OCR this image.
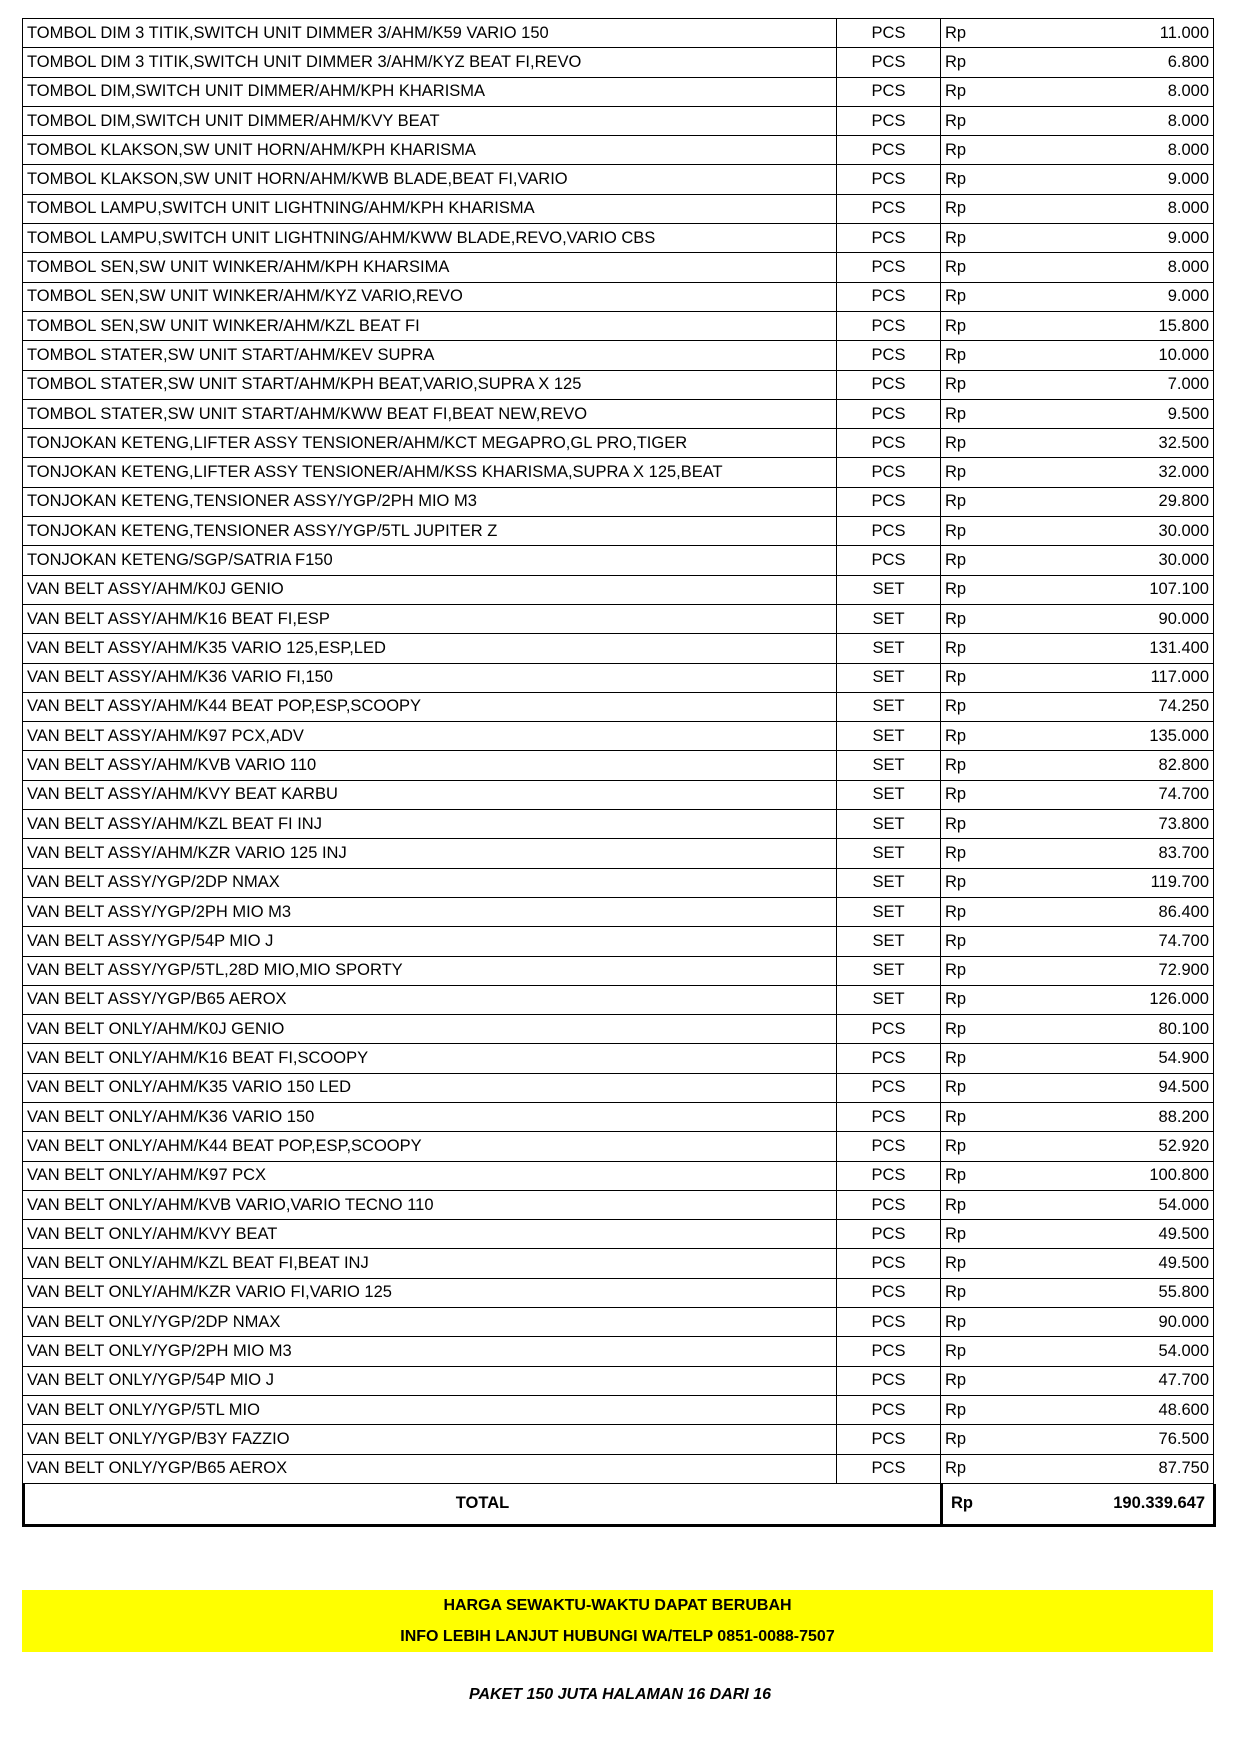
TOMBOL DIM 3 TITIK,SWITCH UNIT DIMMER 3/AHM/K59 VARIO 150	PCS	Rp	11.000
TOMBOL DIM 3 TITIK,SWITCH UNIT DIMMER 3/AHM/KYZ BEAT FI,REVO	PCS	Rp	6.800
TOMBOL DIM,SWITCH UNIT DIMMER/AHM/KPH KHARISMA	PCS	Rp	8.000
TOMBOL DIM,SWITCH UNIT DIMMER/AHM/KVY BEAT	PCS	Rp	8.000
TOMBOL KLAKSON,SW UNIT HORN/AHM/KPH KHARISMA	PCS	Rp	8.000
TOMBOL KLAKSON,SW UNIT HORN/AHM/KWB BLADE,BEAT FI,VARIO	PCS	Rp	9.000
TOMBOL LAMPU,SWITCH UNIT LIGHTNING/AHM/KPH KHARISMA	PCS	Rp	8.000
TOMBOL LAMPU,SWITCH UNIT LIGHTNING/AHM/KWW BLADE,REVO,VARIO CBS	PCS	Rp	9.000
TOMBOL SEN,SW UNIT WINKER/AHM/KPH KHARSIMA	PCS	Rp	8.000
TOMBOL SEN,SW UNIT WINKER/AHM/KYZ VARIO,REVO	PCS	Rp	9.000
TOMBOL SEN,SW UNIT WINKER/AHM/KZL BEAT FI	PCS	Rp	15.800
TOMBOL STATER,SW UNIT START/AHM/KEV SUPRA	PCS	Rp	10.000
TOMBOL STATER,SW UNIT START/AHM/KPH BEAT,VARIO,SUPRA X 125	PCS	Rp	7.000
TOMBOL STATER,SW UNIT START/AHM/KWW BEAT FI,BEAT NEW,REVO	PCS	Rp	9.500
TONJOKAN KETENG,LIFTER ASSY TENSIONER/AHM/KCT MEGAPRO,GL PRO,TIGER	PCS	Rp	32.500
TONJOKAN KETENG,LIFTER ASSY TENSIONER/AHM/KSS KHARISMA,SUPRA X 125,BEAT	PCS	Rp	32.000
TONJOKAN KETENG,TENSIONER ASSY/YGP/2PH MIO M3	PCS	Rp	29.800
TONJOKAN KETENG,TENSIONER ASSY/YGP/5TL JUPITER Z	PCS	Rp	30.000
TONJOKAN KETENG/SGP/SATRIA F150	PCS	Rp	30.000
VAN BELT ASSY/AHM/K0J GENIO	SET	Rp	107.100
VAN BELT ASSY/AHM/K16 BEAT FI,ESP	SET	Rp	90.000
VAN BELT ASSY/AHM/K35 VARIO 125,ESP,LED	SET	Rp	131.400
VAN BELT ASSY/AHM/K36 VARIO FI,150	SET	Rp	117.000
VAN BELT ASSY/AHM/K44 BEAT POP,ESP,SCOOPY	SET	Rp	74.250
VAN BELT ASSY/AHM/K97 PCX,ADV	SET	Rp	135.000
VAN BELT ASSY/AHM/KVB VARIO 110	SET	Rp	82.800
VAN BELT ASSY/AHM/KVY BEAT KARBU	SET	Rp	74.700
VAN BELT ASSY/AHM/KZL BEAT FI INJ	SET	Rp	73.800
VAN BELT ASSY/AHM/KZR VARIO 125 INJ	SET	Rp	83.700
VAN BELT ASSY/YGP/2DP NMAX	SET	Rp	119.700
VAN BELT ASSY/YGP/2PH MIO M3	SET	Rp	86.400
VAN BELT ASSY/YGP/54P MIO J	SET	Rp	74.700
VAN BELT ASSY/YGP/5TL,28D MIO,MIO SPORTY	SET	Rp	72.900
VAN BELT ASSY/YGP/B65 AEROX	SET	Rp	126.000
VAN BELT ONLY/AHM/K0J GENIO	PCS	Rp	80.100
VAN BELT ONLY/AHM/K16 BEAT FI,SCOOPY	PCS	Rp	54.900
VAN BELT ONLY/AHM/K35 VARIO 150 LED	PCS	Rp	94.500
VAN BELT ONLY/AHM/K36 VARIO 150	PCS	Rp	88.200
VAN BELT ONLY/AHM/K44 BEAT POP,ESP,SCOOPY	PCS	Rp	52.920
VAN BELT ONLY/AHM/K97 PCX	PCS	Rp	100.800
VAN BELT ONLY/AHM/KVB VARIO,VARIO TECNO 110	PCS	Rp	54.000
VAN BELT ONLY/AHM/KVY BEAT	PCS	Rp	49.500
VAN BELT ONLY/AHM/KZL BEAT FI,BEAT INJ	PCS	Rp	49.500
VAN BELT ONLY/AHM/KZR VARIO FI,VARIO 125	PCS	Rp	55.800
VAN BELT ONLY/YGP/2DP NMAX	PCS	Rp	90.000
VAN BELT ONLY/YGP/2PH MIO M3	PCS	Rp	54.000
VAN BELT ONLY/YGP/54P MIO J	PCS	Rp	47.700
VAN BELT ONLY/YGP/5TL MIO	PCS	Rp	48.600
VAN BELT ONLY/YGP/B3Y FAZZIO	PCS	Rp	76.500
VAN BELT ONLY/YGP/B65 AEROX	PCS	Rp	87.750
TOTAL	Rp	190.339.647
HARGA SEWAKTU-WAKTU DAPAT BERUBAH
INFO LEBIH LANJUT HUBUNGI WA/TELP 0851-0088-7507
PAKET 150 JUTA HALAMAN 16 DARI 16
